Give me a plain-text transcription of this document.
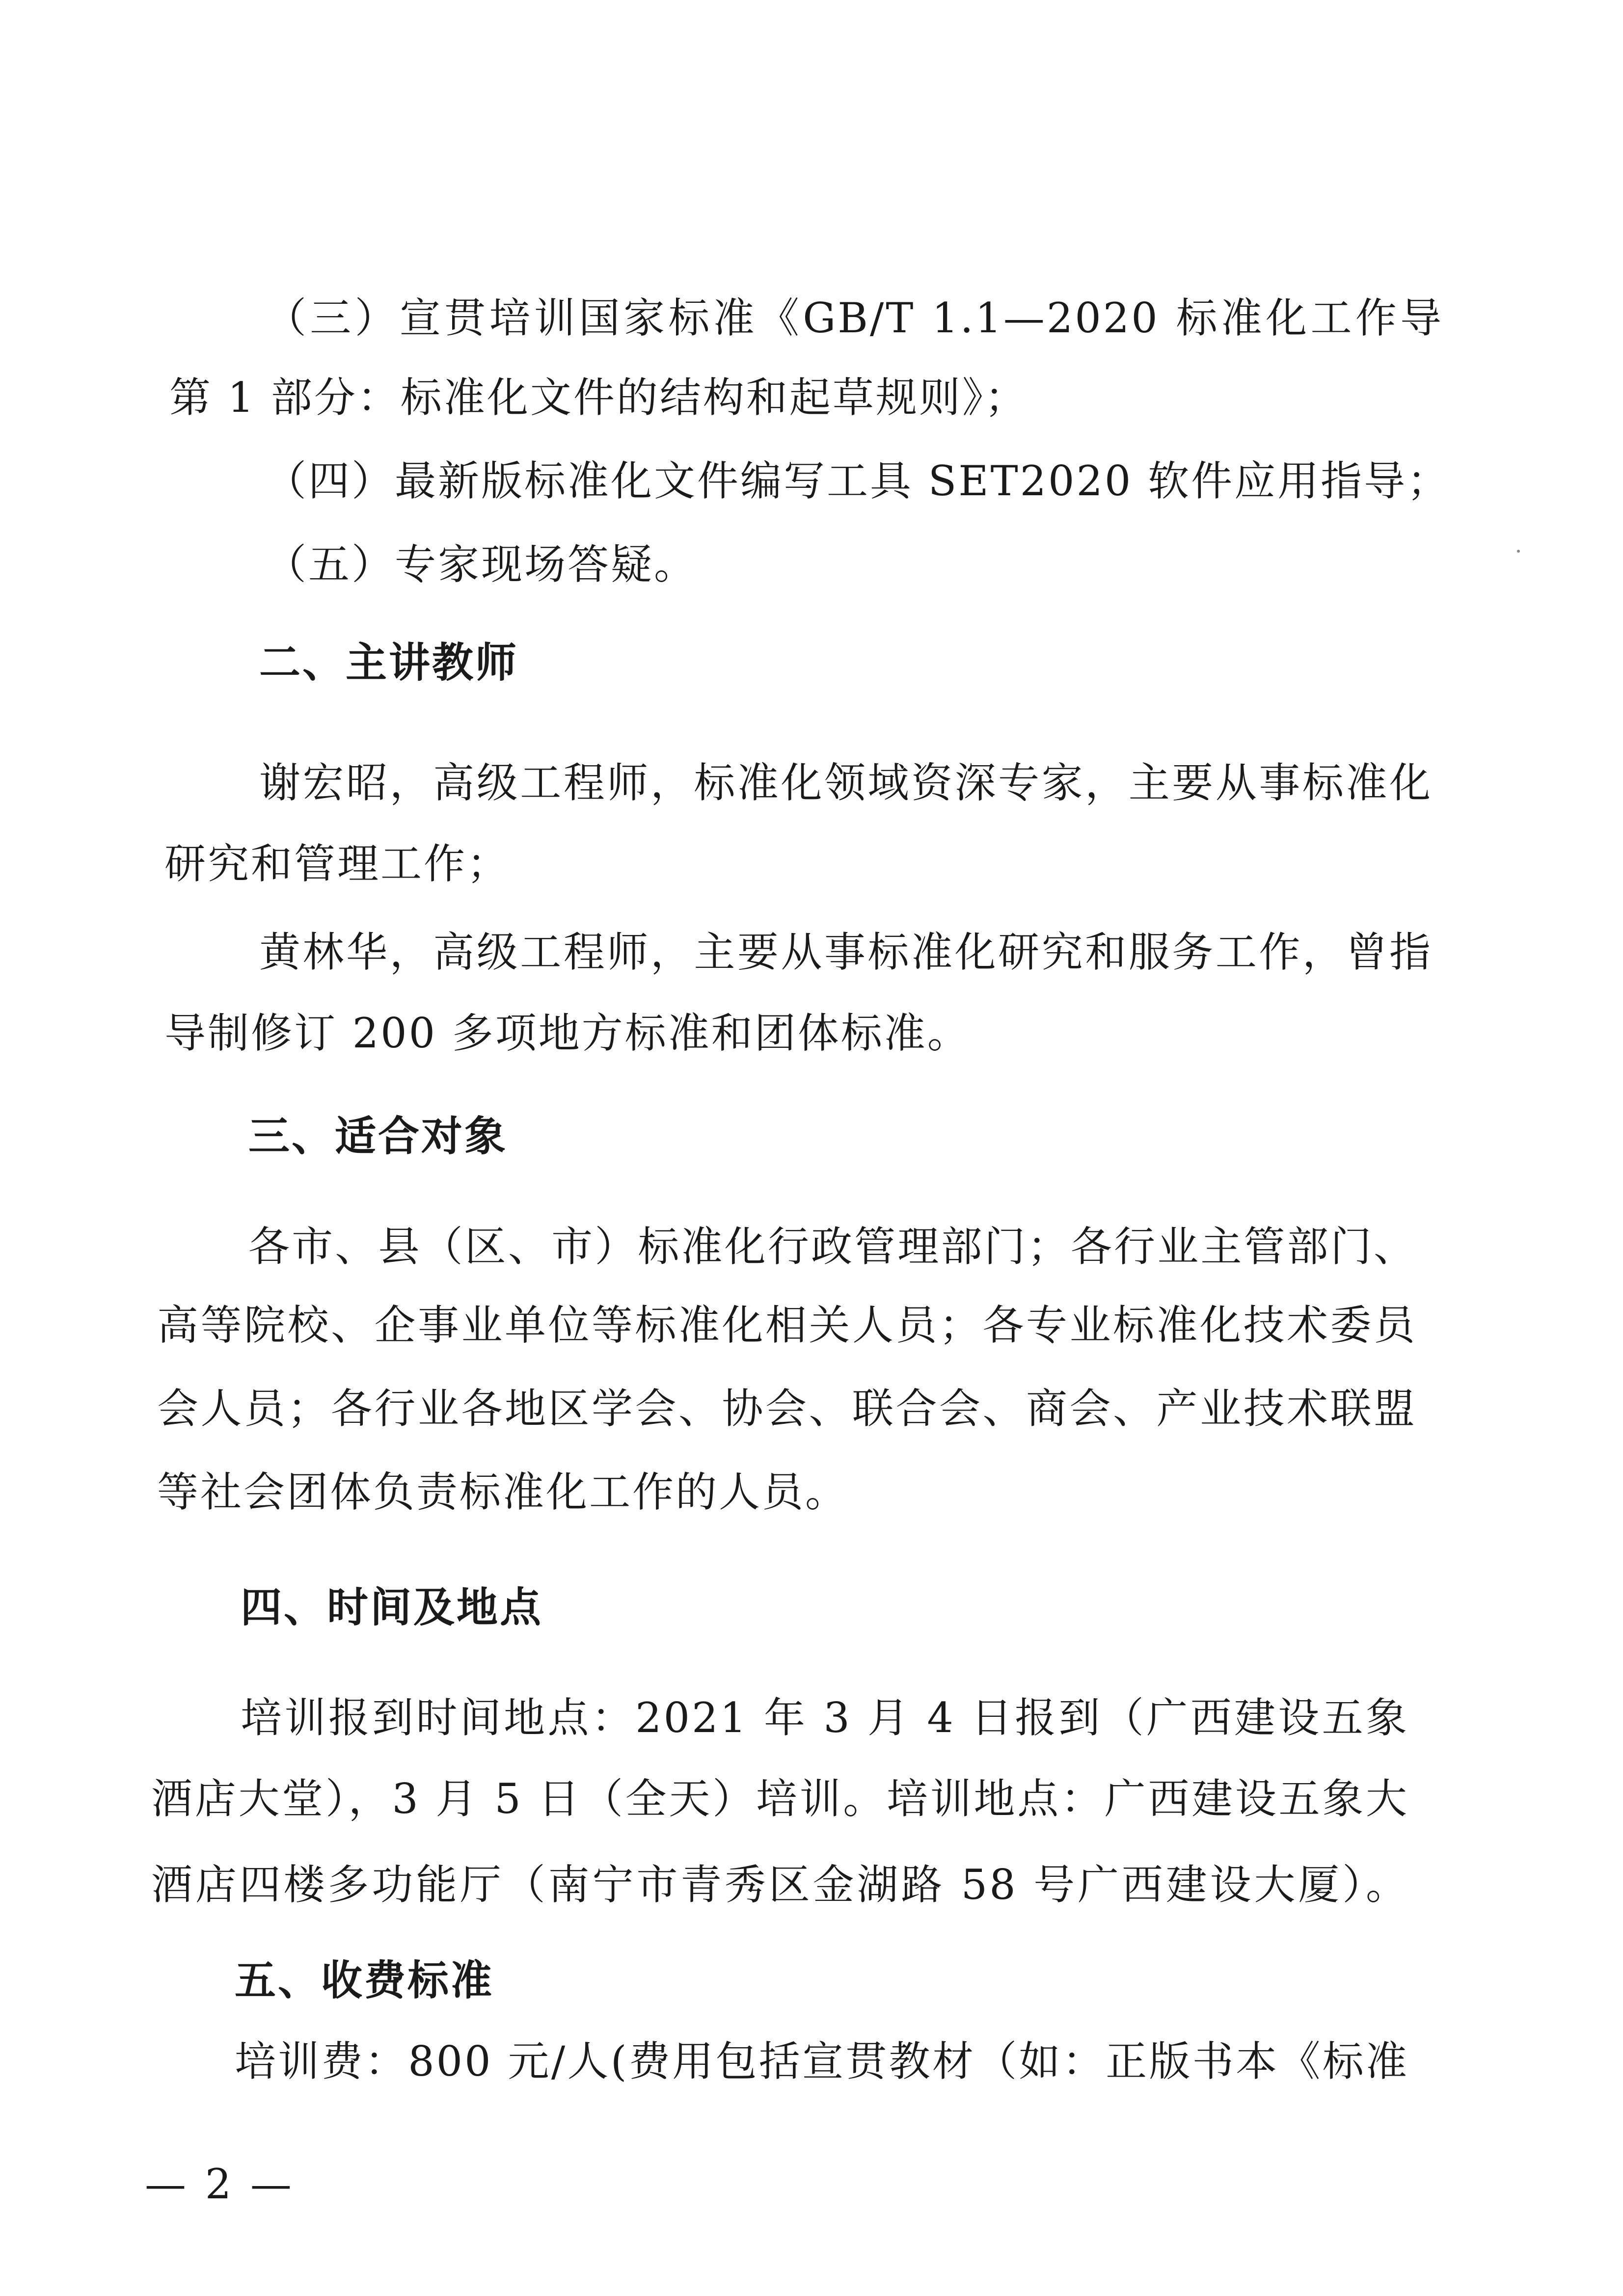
（三）宣贯培训国家标准《GB/T 1.1—2020 标准化工作导
第 1 部分：标准化文件的结构和起草规则》；
（四）最新版标准化文件编写工具 SET2020 软件应用指导；
（五）专家现场答疑。
二、主讲教师
谢宏昭，高级工程师，标准化领域资深专家，主要从事标准化
研究和管理工作；
黄林华，高级工程师，主要从事标准化研究和服务工作，曾指
导制修订 200 多项地方标准和团体标准。
三、适合对象
各市、县（区、市）标准化行政管理部门；各行业主管部门、
高等院校、企事业单位等标准化相关人员；各专业标准化技术委员
会人员；各行业各地区学会、协会、联合会、商会、产业技术联盟
等社会团体负责标准化工作的人员。
四、时间及地点
培训报到时间地点：2021 年 3 月 4 日报到（广西建设五象
酒店大堂），3 月 5 日（全天）培训。培训地点：广西建设五象大
酒店四楼多功能厅（南宁市青秀区金湖路 58 号广西建设大厦）。
五、收费标准
培训费：800 元/人(费用包括宣贯教材（如：正版书本《标准
— 2 —
